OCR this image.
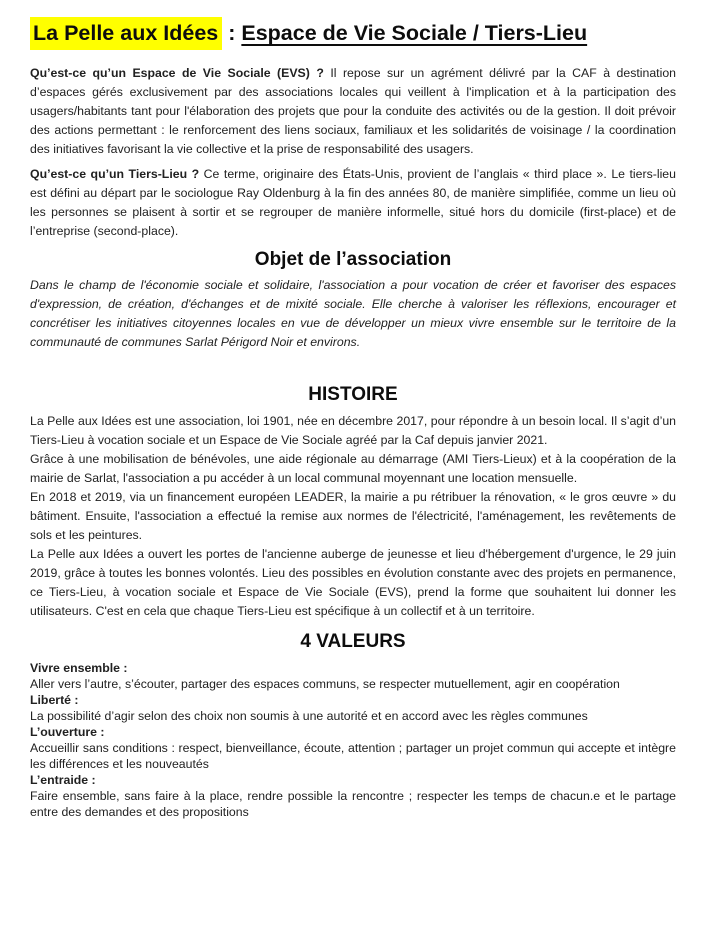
La Pelle aux Idées : Espace de Vie Sociale / Tiers-Lieu

Qu’est-ce qu’un Espace de Vie Sociale (EVS) ? Il repose sur un agrément délivré par la CAF à destination d’espaces gérés exclusivement par des associations locales qui veillent à l'implication et à la participation des usagers/habitants tant pour l'élaboration des projets que pour la conduite des activités ou de la gestion. Il doit prévoir des actions permettant : le renforcement des liens sociaux, familiaux et les solidarités de voisinage / la coordination des initiatives favorisant la vie collective et la prise de responsabilité des usagers.

Qu’est-ce qu’un Tiers-Lieu ? Ce terme, originaire des États-Unis, provient de l’anglais « third place ». Le tiers-lieu est défini au départ par le sociologue Ray Oldenburg à la fin des années 80, de manière simplifiée, comme un lieu où les personnes se plaisent à sortir et se regrouper de manière informelle, situé hors du domicile (first-place) et de l’entreprise (second-place).

Objet de l’association

Dans le champ de l'économie sociale et solidaire, l'association a pour vocation de créer et favoriser des espaces d'expression, de création, d'échanges et de mixité sociale. Elle cherche à valoriser les réflexions, encourager et concrétiser les initiatives citoyennes locales en vue de développer un mieux vivre ensemble sur le territoire de la communauté de communes Sarlat Périgord Noir et environs.

HISTOIRE

La Pelle aux Idées est une association, loi 1901, née en décembre 2017, pour répondre à un besoin local. Il s’agit d’un Tiers-Lieu à vocation sociale et un Espace de Vie Sociale agréé par la Caf depuis janvier 2021.

Grâce à une mobilisation de bénévoles, une aide régionale au démarrage (AMI Tiers-Lieux) et à la coopération de la mairie de Sarlat, l'association a pu accéder à un local communal moyennant une location mensuelle.

En 2018 et 2019, via un financement européen LEADER, la mairie a pu rétribuer la rénovation, « le gros œuvre » du bâtiment. Ensuite, l'association a effectué la remise aux normes de l'électricité, l'aménagement, les revêtements de sols et les peintures.

La Pelle aux Idées a ouvert les portes de l'ancienne auberge de jeunesse et lieu d'hébergement d'urgence, le 29 juin 2019, grâce à toutes les bonnes volontés. Lieu des possibles en évolution constante avec des projets en permanence, ce Tiers-Lieu, à vocation sociale et Espace de Vie Sociale (EVS), prend la forme que souhaitent lui donner les utilisateurs. C'est en cela que chaque Tiers-Lieu est spécifique à un collectif et à un territoire.

4 VALEURS

Vivre ensemble :

Aller vers l’autre, s’écouter, partager des espaces communs, se respecter mutuellement, agir en coopération

Liberté :

La possibilité d’agir selon des choix non soumis à une autorité et en accord avec les règles communes

L’ouverture :

Accueillir sans conditions : respect, bienveillance, écoute, attention ; partager un projet commun qui accepte et intègre les différences et les nouveautés

L’entraide :

Faire ensemble, sans faire à la place, rendre possible la rencontre ; respecter les temps de chacun.e et le partage entre des demandes et des propositions
